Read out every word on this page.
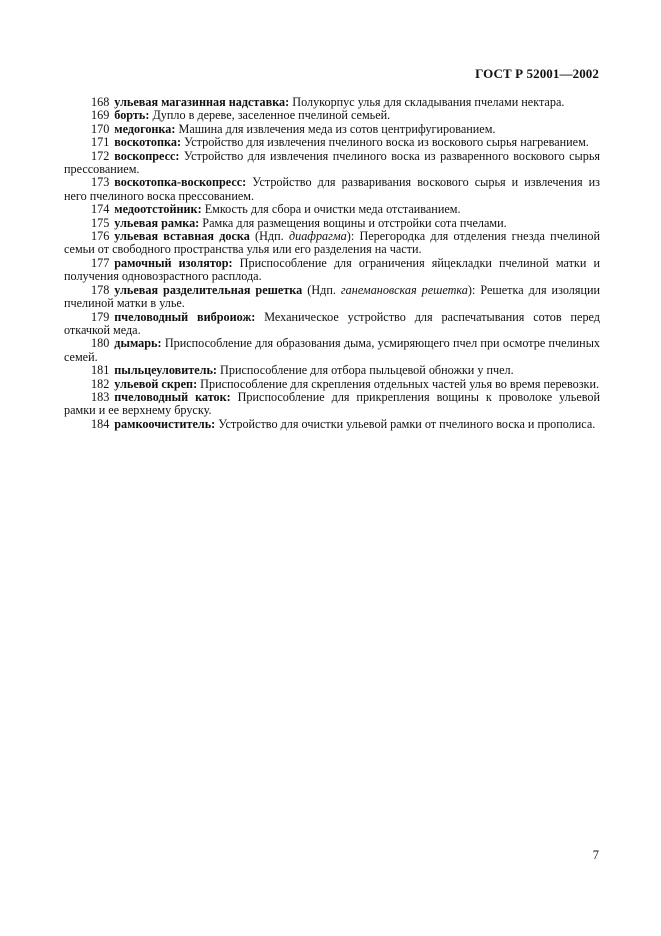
ГОСТ Р 52001—2002

168 ульевая магазинная надставка: Полукорпус улья для складывания пчелами нектара.

169 борть: Дупло в дереве, заселенное пчелиной семьей.

170 медогонка: Машина для извлечения меда из сотов центрифугированием.

171 воскотопка: Устройство для извлечения пчелиного воска из воскового сырья нагреванием.

172 воскопресс: Устройство для извлечения пчелиного воска из разваренного воскового сырья прессованием.

173 воскотопка-воскопресс: Устройство для разваривания воскового сырья и извлечения из него пчелиного воска прессованием.

174 медоотстойник: Емкость для сбора и очистки меда отстаиванием.

175 ульевая рамка: Рамка для размещения вощины и отстройки сота пчелами.

176 ульевая вставная доска (Ндп. диафрагма): Перегородка для отделения гнезда пчелиной семьи от свободного пространства улья или его разделения на части.

177 рамочный изолятор: Приспособление для ограничения яйцекладки пчелиной матки и получения одновозрастного расплода.

178 ульевая разделительная решетка (Ндп. ганемановская решетка): Решетка для изоляции пчелиной матки в улье.

179 пчеловодный виброиож: Механическое устройство для распечатывания сотов перед откачкой меда.

180 дымарь: Приспособление для образования дыма, усмиряющего пчел при осмотре пчелиных семей.

181 пыльцеуловитель: Приспособление для отбора пыльцевой обножки у пчел.

182 ульевой скреп: Приспособление для скрепления отдельных частей улья во время перевозки.

183 пчеловодный каток: Приспособление для прикрепления вощины к проволоке ульевой рамки и ее верхнему бруску.

184 рамкоочиститель: Устройство для очистки ульевой рамки от пчелиного воска и прополиса.

7
